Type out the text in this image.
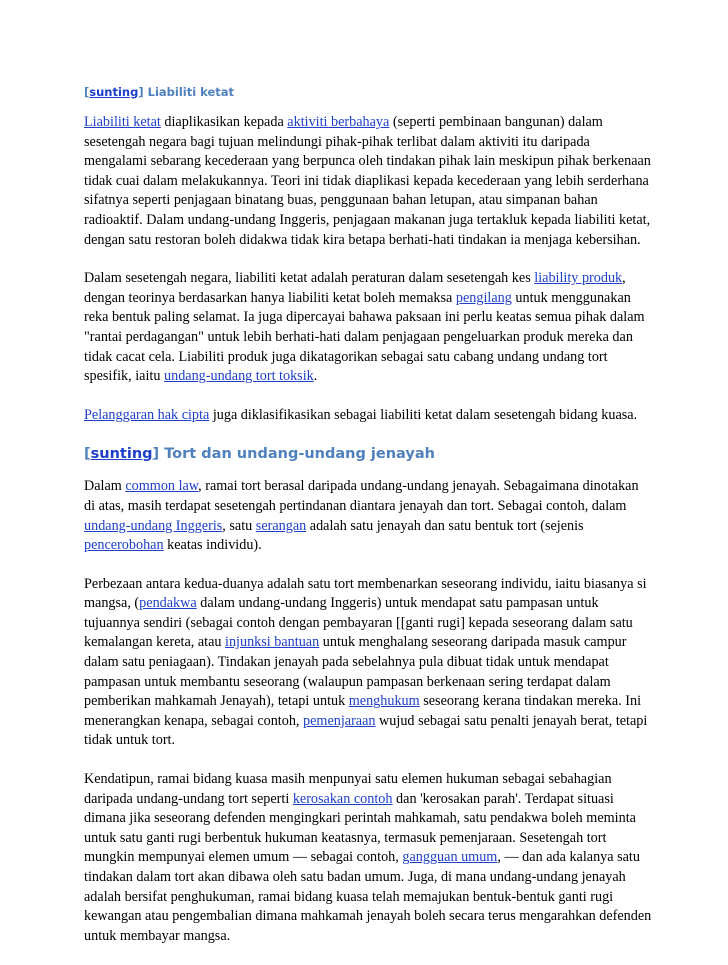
[sunting] Liabiliti ketat

Liabiliti ketat diaplikasikan kepada aktiviti berbahaya (seperti pembinaan bangunan) dalam sesetengah negara bagi tujuan melindungi pihak-pihak terlibat dalam aktiviti itu daripada mengalami sebarang kecederaan yang berpunca oleh tindakan pihak lain meskipun pihak berkenaan tidak cuai dalam melakukannya. Teori ini tidak diaplikasi kepada kecederaan yang lebih serderhana sifatnya seperti penjagaan binatang buas, penggunaan bahan letupan, atau simpanan bahan radioaktif. Dalam undang-undang Inggeris, penjagaan makanan juga tertakluk kepada liabiliti ketat, dengan satu restoran boleh didakwa tidak kira betapa berhati-hati tindakan ia menjaga kebersihan.

Dalam sesetengah negara, liabiliti ketat adalah peraturan dalam sesetengah kes liability produk, dengan teorinya berdasarkan hanya liabiliti ketat boleh memaksa pengilang untuk menggunakan reka bentuk paling selamat. Ia juga dipercayai bahawa paksaan ini perlu keatas semua pihak dalam "rantai perdagangan" untuk lebih berhati-hati dalam penjagaan pengeluarkan produk mereka dan tidak cacat cela. Liabiliti produk juga dikatagorikan sebagai satu cabang undang undang tort spesifik, iaitu undang-undang tort toksik.

Pelanggaran hak cipta juga diklasifikasikan sebagai liabiliti ketat dalam sesetengah bidang kuasa.

[sunting] Tort dan undang-undang jenayah

Dalam common law, ramai tort berasal daripada undang-undang jenayah. Sebagaimana dinotakan di atas, masih terdapat sesetengah pertindanan diantara jenayah dan tort. Sebagai contoh, dalam undang-undang Inggeris, satu serangan adalah satu jenayah dan satu bentuk tort (sejenis pencerobohan keatas individu).

Perbezaan antara kedua-duanya adalah satu tort membenarkan seseorang individu, iaitu biasanya si mangsa, (pendakwa dalam undang-undang Inggeris) untuk mendapat satu pampasan untuk tujuannya sendiri (sebagai contoh dengan pembayaran [[ganti rugi] kepada seseorang dalam satu kemalangan kereta, atau injunksi bantuan untuk menghalang seseorang daripada masuk campur dalam satu peniagaan). Tindakan jenayah pada sebelahnya pula dibuat tidak untuk mendapat pampasan untuk membantu seseorang (walaupun pampasan berkenaan sering terdapat dalam pemberikan mahkamah Jenayah), tetapi untuk menghukum seseorang kerana tindakan mereka. Ini menerangkan kenapa, sebagai contoh, pemenjaraan wujud sebagai satu penalti jenayah berat, tetapi tidak untuk tort.

Kendatipun, ramai bidang kuasa masih menpunyai satu elemen hukuman sebagai sebahagian daripada undang-undang tort seperti kerosakan contoh dan 'kerosakan parah'. Terdapat situasi dimana jika seseorang defenden mengingkari perintah mahkamah, satu pendakwa boleh meminta untuk satu ganti rugi berbentuk hukuman keatasnya, termasuk pemenjaraan. Sesetengah tort mungkin mempunyai elemen umum — sebagai contoh, gangguan umum, — dan ada kalanya satu tindakan dalam tort akan dibawa oleh satu badan umum. Juga, di mana undang-undang jenayah adalah bersifat penghukuman, ramai bidang kuasa telah memajukan bentuk-bentuk ganti rugi kewangan atau pengembalian dimana mahkamah jenayah boleh secara terus mengarahkan defenden untuk membayar mangsa.
